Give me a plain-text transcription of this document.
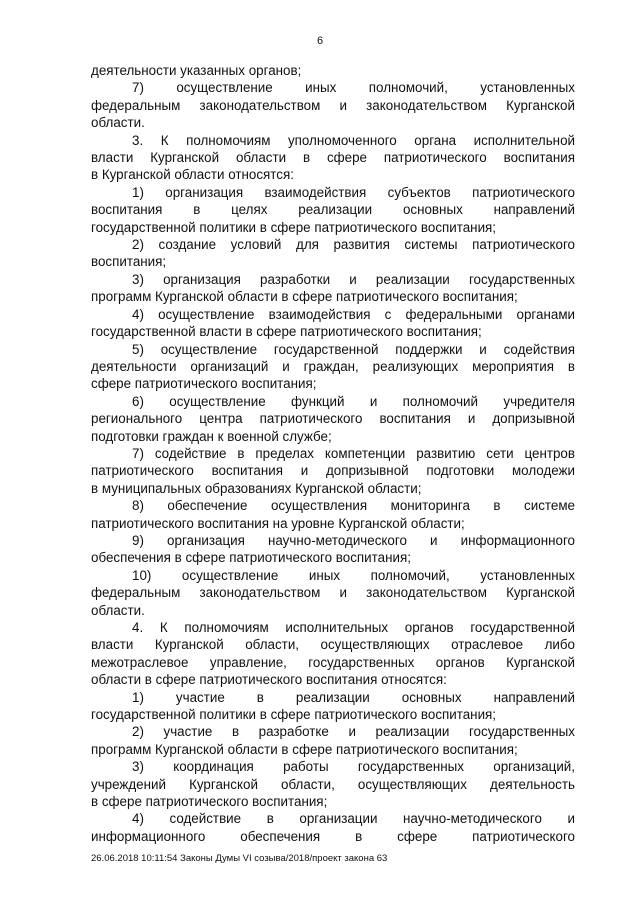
6

деятельности указанных органов;

7) осуществление иных полномочий, установленных
федеральным законодательством и законодательством Курганской
области.

3. К полномочиям уполномоченного органа исполнительной
власти Курганской области в сфере патриотического воспитания
в Курганской области относятся:

1) организация взаимодействия субъектов патриотического
воспитания в целях реализации основных направлений
государственной политики в сфере патриотического воспитания;

2) создание условий для развития системы патриотического
воспитания;

3) организация разработки и реализации государственных
программ Курганской области в сфере патриотического воспитания;

4) осуществление взаимодействия с федеральными органами
государственной власти в сфере патриотического воспитания;

5) осуществление государственной поддержки и содействия
деятельности организаций и граждан, реализующих мероприятия в
сфере патриотического воспитания;

6) осуществление функций и полномочий учредителя
регионального центра патриотического воспитания и допризывной
подготовки граждан к военной службе;

7) содействие в пределах компетенции развитию сети центров
патриотического воспитания и допризывной подготовки молодежи
в муниципальных образованиях Курганской области;

8) обеспечение осуществления мониторинга в системе
патриотического воспитания на уровне Курганской области;

9) организация научно-методического и информационного
обеспечения в сфере патриотического воспитания;

10) осуществление иных полномочий, установленных
федеральным законодательством и законодательством Курганской
области.

4. К полномочиям исполнительных органов государственной
власти Курганской области, осуществляющих отраслевое либо
межотраслевое управление, государственных органов Курганской
области в сфере патриотического воспитания относятся:

1) участие в реализации основных направлений
государственной политики в сфере патриотического воспитания;

2) участие в разработке и реализации государственных
программ Курганской области в сфере патриотического воспитания;

3) координация работы государственных организаций,
учреждений Курганской области, осуществляющих деятельность
в сфере патриотического воспитания;

4) содействие в организации научно-методического и
информационного обеспечения в сфере патриотического

26.06.2018 10:11:54 Законы Думы VI созыва/2018/проект закона 63
